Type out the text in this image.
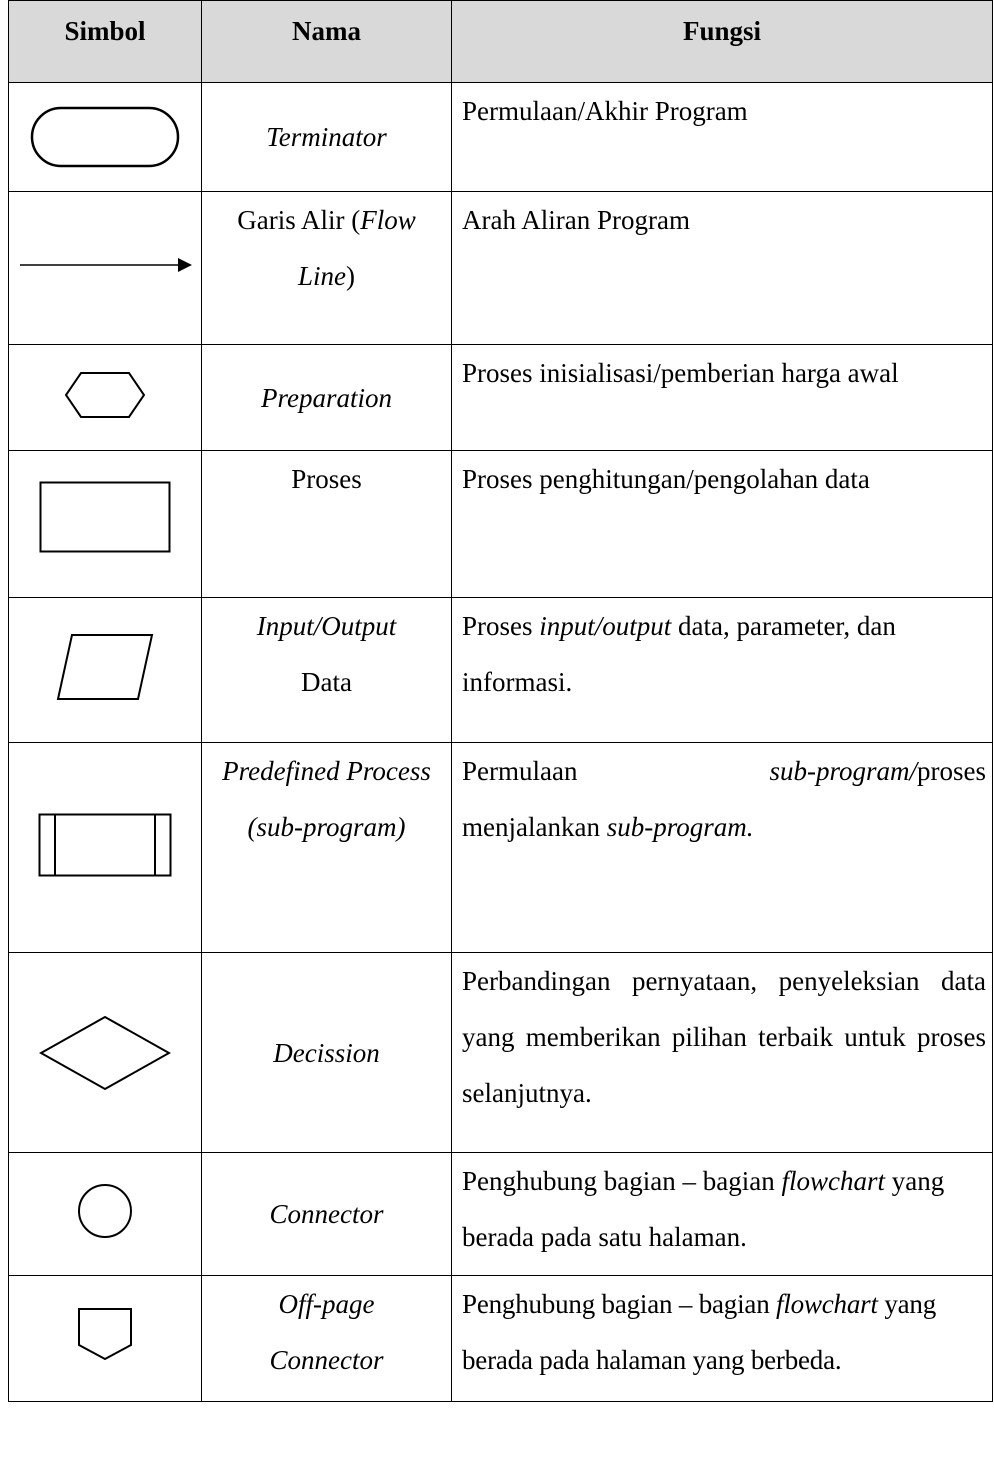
Simbol	Nama	Fungsi

	Terminator	Permulaan/Akhir Program

	Garis Alir (Flow
Line)	Arah Aliran Program

	Preparation	Proses inisialisasi/pemberian harga awal

	Proses	Proses penghitungan/pengolahan data

	Input/Output
Data	Proses input/output data, parameter, dan informasi.

	Predefined Process (sub-program)	Permulaan sub-program/proses
menjalankan sub-program.

	Decission	Perbandingan pernyataan, penyeleksian data yang memberikan pilihan terbaik untuk proses selanjutnya.

	Connector	Penghubung bagian – bagian flowchart yang berada pada satu halaman.

	Off-page
Connector	Penghubung bagian – bagian flowchart yang berada pada halaman yang berbeda.
